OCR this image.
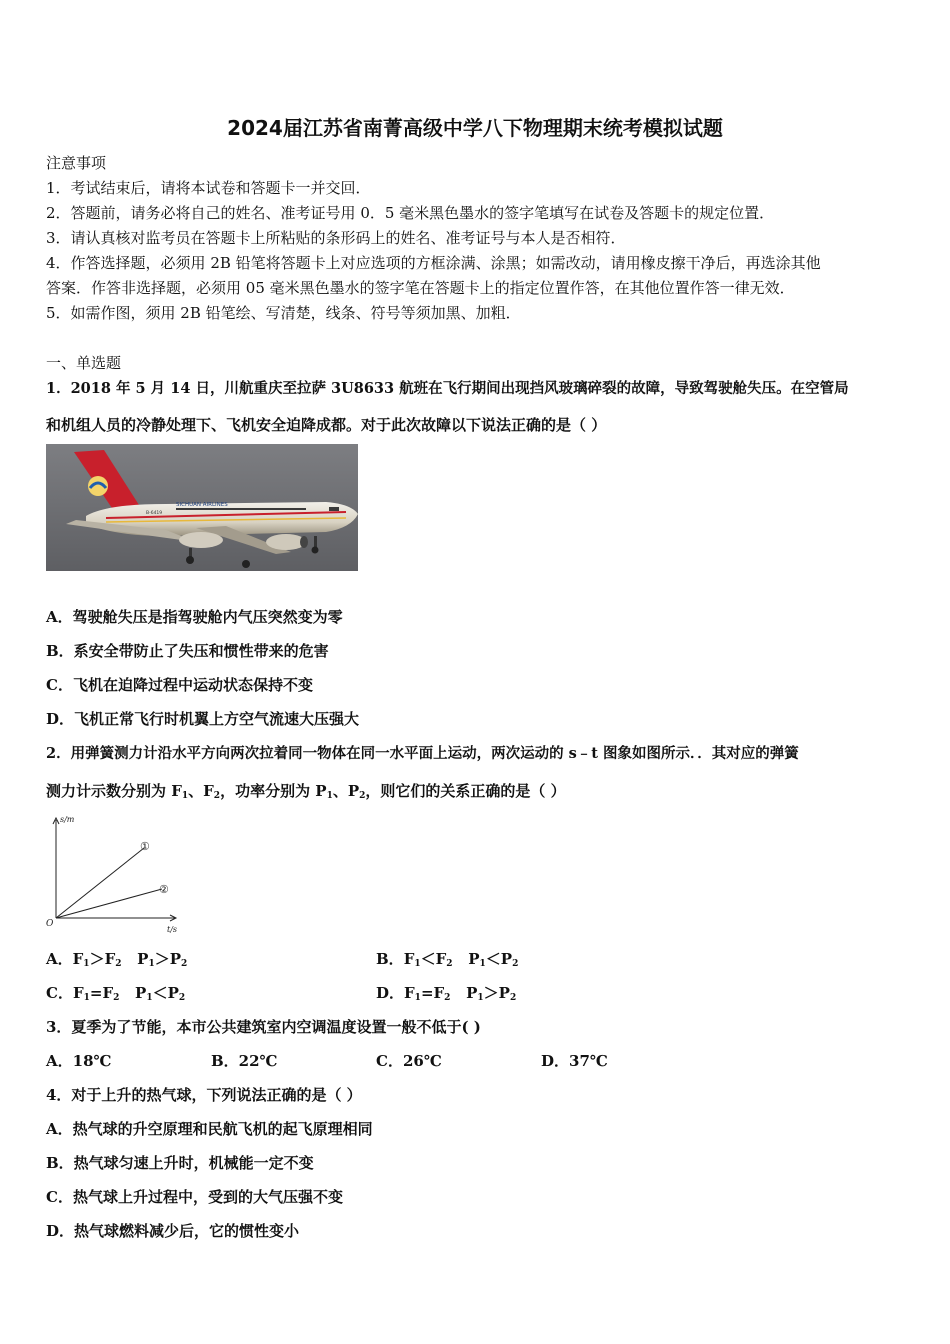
2024届江苏省南菁高级中学八下物理期末统考模拟试题
注意事项
1．考试结束后，请将本试卷和答题卡一并交回．
2．答题前，请务必将自己的姓名、准考证号用 0．5 毫米黑色墨水的签字笔填写在试卷及答题卡的规定位置．
3．请认真核对监考员在答题卡上所粘贴的条形码上的姓名、准考证号与本人是否相符．
4．作答选择题，必须用 2B 铅笔将答题卡上对应选项的方框涂满、涂黑；如需改动，请用橡皮擦干净后，再选涂其他
答案．作答非选择题，必须用 05 毫米黑色墨水的签字笔在答题卡上的指定位置作答，在其他位置作答一律无效．
5．如需作图，须用 2B 铅笔绘、写清楚，线条、符号等须加黑、加粗．
一、单选题
1．2018 年 5 月 14 日，川航重庆至拉萨 3U8633 航班在飞行期间出现挡风玻璃碎裂的故障，导致驾驶舱失压。在空管局
和机组人员的冷静处理下、飞机安全迫降成都。对于此次故障以下说法正确的是（ ）
SICHUAN AIRLINES
B-6419
A．驾驶舱失压是指驾驶舱内气压突然变为零
B．系安全带防止了失压和惯性带来的危害
C．飞机在迫降过程中运动状态保持不变
D．飞机正常飞行时机翼上方空气流速大压强大
2．用弹簧测力计沿水平方向两次拉着同一物体在同一水平面上运动，两次运动的 s﹣t 图象如图所示．．其对应的弹簧
测力计示数分别为 $F_1$、$F_2$，功率分别为 $P_1$、$P_2$，则它们的关系正确的是（ ）
s/m
t/s
O
①
②
A．$F_1>F_2$ $P_1>P_2$	B．$F_1<F_2$ $P_1<P_2$
C．$F_1=F_2$ $P_1<P_2$	D．$F_1=F_2$ $P_1>P_2$
3．夏季为了节能，本市公共建筑室内空调温度设置一般不低于( )
A．18℃	B．22℃	C．26℃	D．37℃
4．对于上升的热气球，下列说法正确的是（ ）
A．热气球的升空原理和民航飞机的起飞原理相同
B．热气球匀速上升时，机械能一定不变
C．热气球上升过程中，受到的大气压强不变
D．热气球燃料减少后，它的惯性变小
